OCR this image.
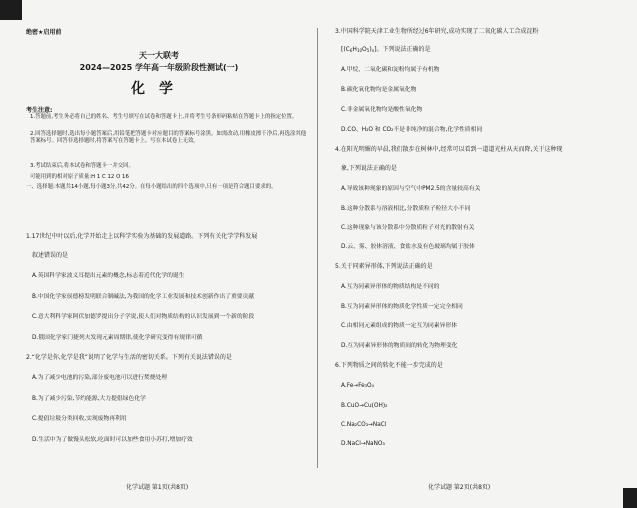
绝密★启用前
天一大联考
2024—2025 学年高一年级阶段性测试(一)
化学
考生注意:
1.答题前,考生务必将自己的姓名、考生号填写在试卷和答题卡上,并将考生号条形码粘贴在答题卡上的指定位置。
2.回答选择题时,选出每小题答案后,用铅笔把答题卡对应题目的答案标号涂黑。如需改动,用橡皮擦干净后,再选涂其他答案标号。回答非选择题时,将答案写在答题卡上。写在本试卷上无效。
3.考试结束后,将本试卷和答题卡一并交回。
可能用到的相对原子质量:H 1 C 12 O 16
一、选择题:本题共14小题,每小题3分,共42分。在每小题给出的四个选项中,只有一项是符合题目要求的。
1.17世纪中叶以后,化学开始走上以科学实验为基础的发展道路。下列有关化学学科发展
叙述错误的是
A.英国科学家波义耳提出元素的概念,标志着近代化学的诞生
B.中国化学家侯德榜发明联合制碱法,为我国的化学工业发展和技术创新作出了重要贡献
C.意大利科学家阿伏加德罗提出分子学说,使人们对物质结构的认识发展到一个新的阶段
D.俄国化学家门捷列夫发现元素周期律,使化学研究变得有规律可循
2.“化学是你,化学是我”说明了化学与生活的密切关系。下列有关说法错误的是
A.为了减少电池的污染,部分废电池可以进行焚烧处理
B.为了减少污染,节约能源,大力提倡绿色化学
C.提倡垃圾分类回收,实现废物再利用
D.生活中为了做馒头松软,吃面时可以加些食用小苏打,增加疗效
化学试题 第1页(共8页)
3.中国科学院天津工业生物所经过6年研究,成功实现了二氧化碳人工合成淀粉
$[(C_6H_{10}O_5)_n]$。下列说法正确的是
A.甲烷、二氧化碳和淀粉均属于有机物
B.碳化氧化物均是金属氧化物
C.非金属氧化物均是酸性氧化物
D.CO、H₂O 和 CO₂不是非纯净的混合物,化学性质相同
4.在阳光明媚的早晨,我们散步在树林中,经常可以看到一道道光柱从天而降,关于这种现
象,下列说法正确的是
A.导致该种现象的原因与空气中PM2.5的含量较高有关
B.这种分散系与溶液相比,分散质粒子粒径大小不同
C.这种现象与该分散系中分散质粒子对光的散射有关
D.云、雾、胶体溶液、食盐水及有色玻璃均属于胶体
5.关于同素异形体,下列说法正确的是
A.互为同素异形体的物质结构是不同的
B.互为同素异形体的物质化学性质一定完全相同
C.由相同元素组成的物质一定互为同素异形体
D.互为同素异形体的物质间的转化为物理变化
6.下列物质之间的转化不能一步完成的是
A.Fe→Fe₃O₄
B.CuO→Cu(OH)₂
C.Na₂CO₃→NaCl
D.NaCl→NaNO₃
化学试题 第2页(共8页)
